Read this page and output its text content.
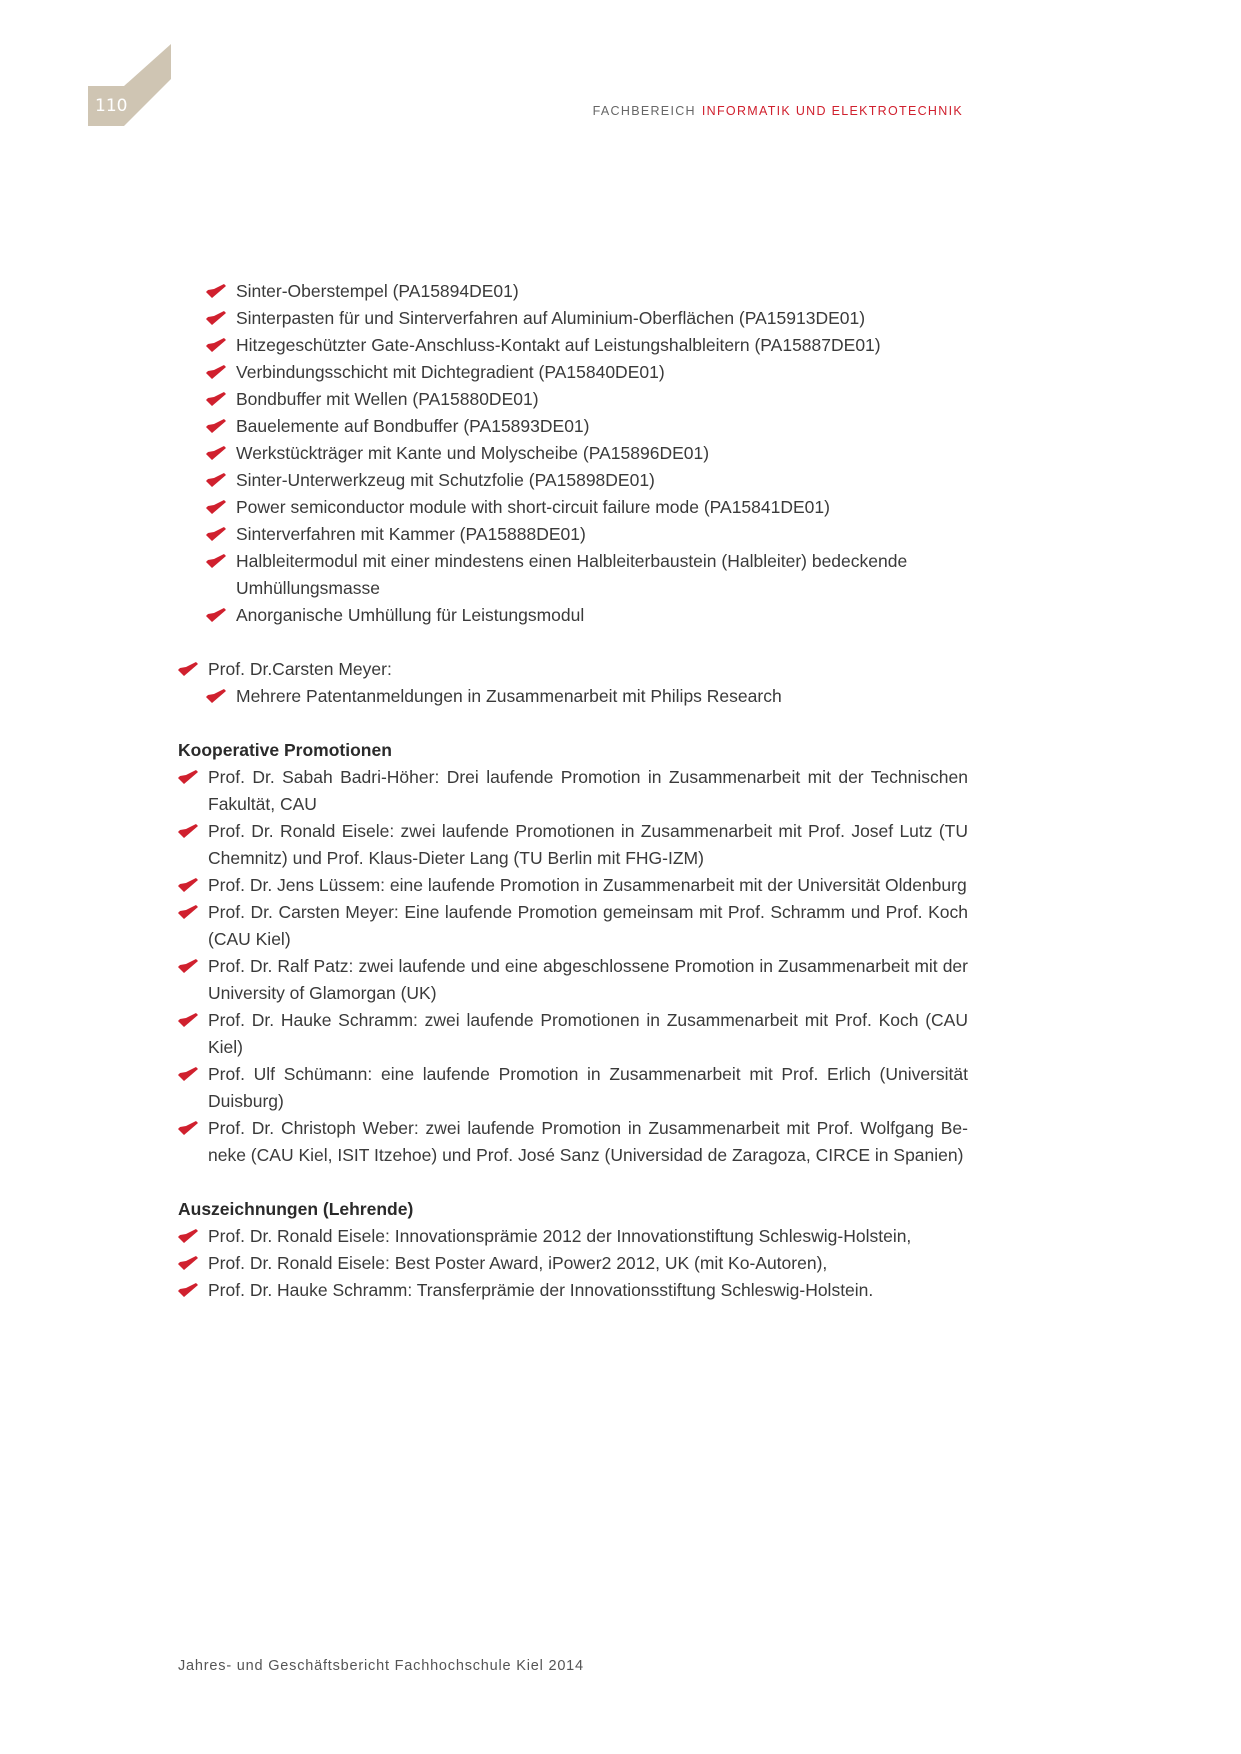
110	FACHBEREICH INFORMATIK UND ELEKTROTECHNIK
Sinter-Oberstempel (PA15894DE01)
Sinterpasten für und Sinterverfahren auf Aluminium-Oberflächen (PA15913DE01)
Hitzegeschützter Gate-Anschluss-Kontakt auf Leistungshalbleitern (PA15887DE01)
Verbindungsschicht mit Dichtegradient (PA15840DE01)
Bondbuffer mit Wellen (PA15880DE01)
Bauelemente auf Bondbuffer (PA15893DE01)
Werkstückträger mit Kante und Molyscheibe (PA15896DE01)
Sinter-Unterwerkzeug mit Schutzfolie (PA15898DE01)
Power semiconductor module with short-circuit failure mode (PA15841DE01)
Sinterverfahren mit Kammer (PA15888DE01)
Halbleitermodul mit einer mindestens einen Halbleiterbaustein (Halbleiter) bedeckende Umhüllungsmasse
Anorganische Umhüllung für Leistungsmodul
Prof. Dr.Carsten Meyer:
Mehrere Patentanmeldungen in Zusammenarbeit mit Philips Research
Kooperative Promotionen
Prof. Dr. Sabah Badri-Höher: Drei laufende Promotion in Zusammenarbeit mit der Technischen Fakultät, CAU
Prof. Dr. Ronald Eisele: zwei laufende Promotionen in Zusammenarbeit mit Prof. Josef Lutz (TU Chemnitz) und Prof. Klaus-Dieter Lang (TU Berlin mit FHG-IZM)
Prof. Dr. Jens Lüssem: eine laufende Promotion in Zusammenarbeit mit der Universität Oldenburg
Prof. Dr. Carsten Meyer: Eine laufende Promotion gemeinsam mit Prof. Schramm und Prof. Koch (CAU Kiel)
Prof. Dr. Ralf Patz: zwei laufende und eine abgeschlossene Promotion in Zusammenarbeit mit der University of Glamorgan (UK)
Prof. Dr. Hauke Schramm: zwei laufende Promotionen in Zusammenarbeit mit Prof. Koch (CAU Kiel)
Prof. Ulf Schümann: eine laufende Promotion in Zusammenarbeit mit Prof. Erlich (Universität Duisburg)
Prof. Dr. Christoph Weber: zwei laufende Promotion in Zusammenarbeit mit Prof. Wolfgang Be-neke (CAU Kiel, ISIT Itzehoe) und Prof. José Sanz (Universidad de Zaragoza, CIRCE in Spanien)
Auszeichnungen (Lehrende)
Prof. Dr. Ronald Eisele: Innovationsprämie 2012 der Innovationstiftung Schleswig-Holstein,
Prof. Dr. Ronald Eisele: Best Poster Award, iPower2 2012, UK (mit Ko-Autoren),
Prof. Dr. Hauke Schramm: Transferprämie der Innovationsstiftung Schleswig-Holstein.
Jahres- und Geschäftsbericht Fachhochschule Kiel 2014
